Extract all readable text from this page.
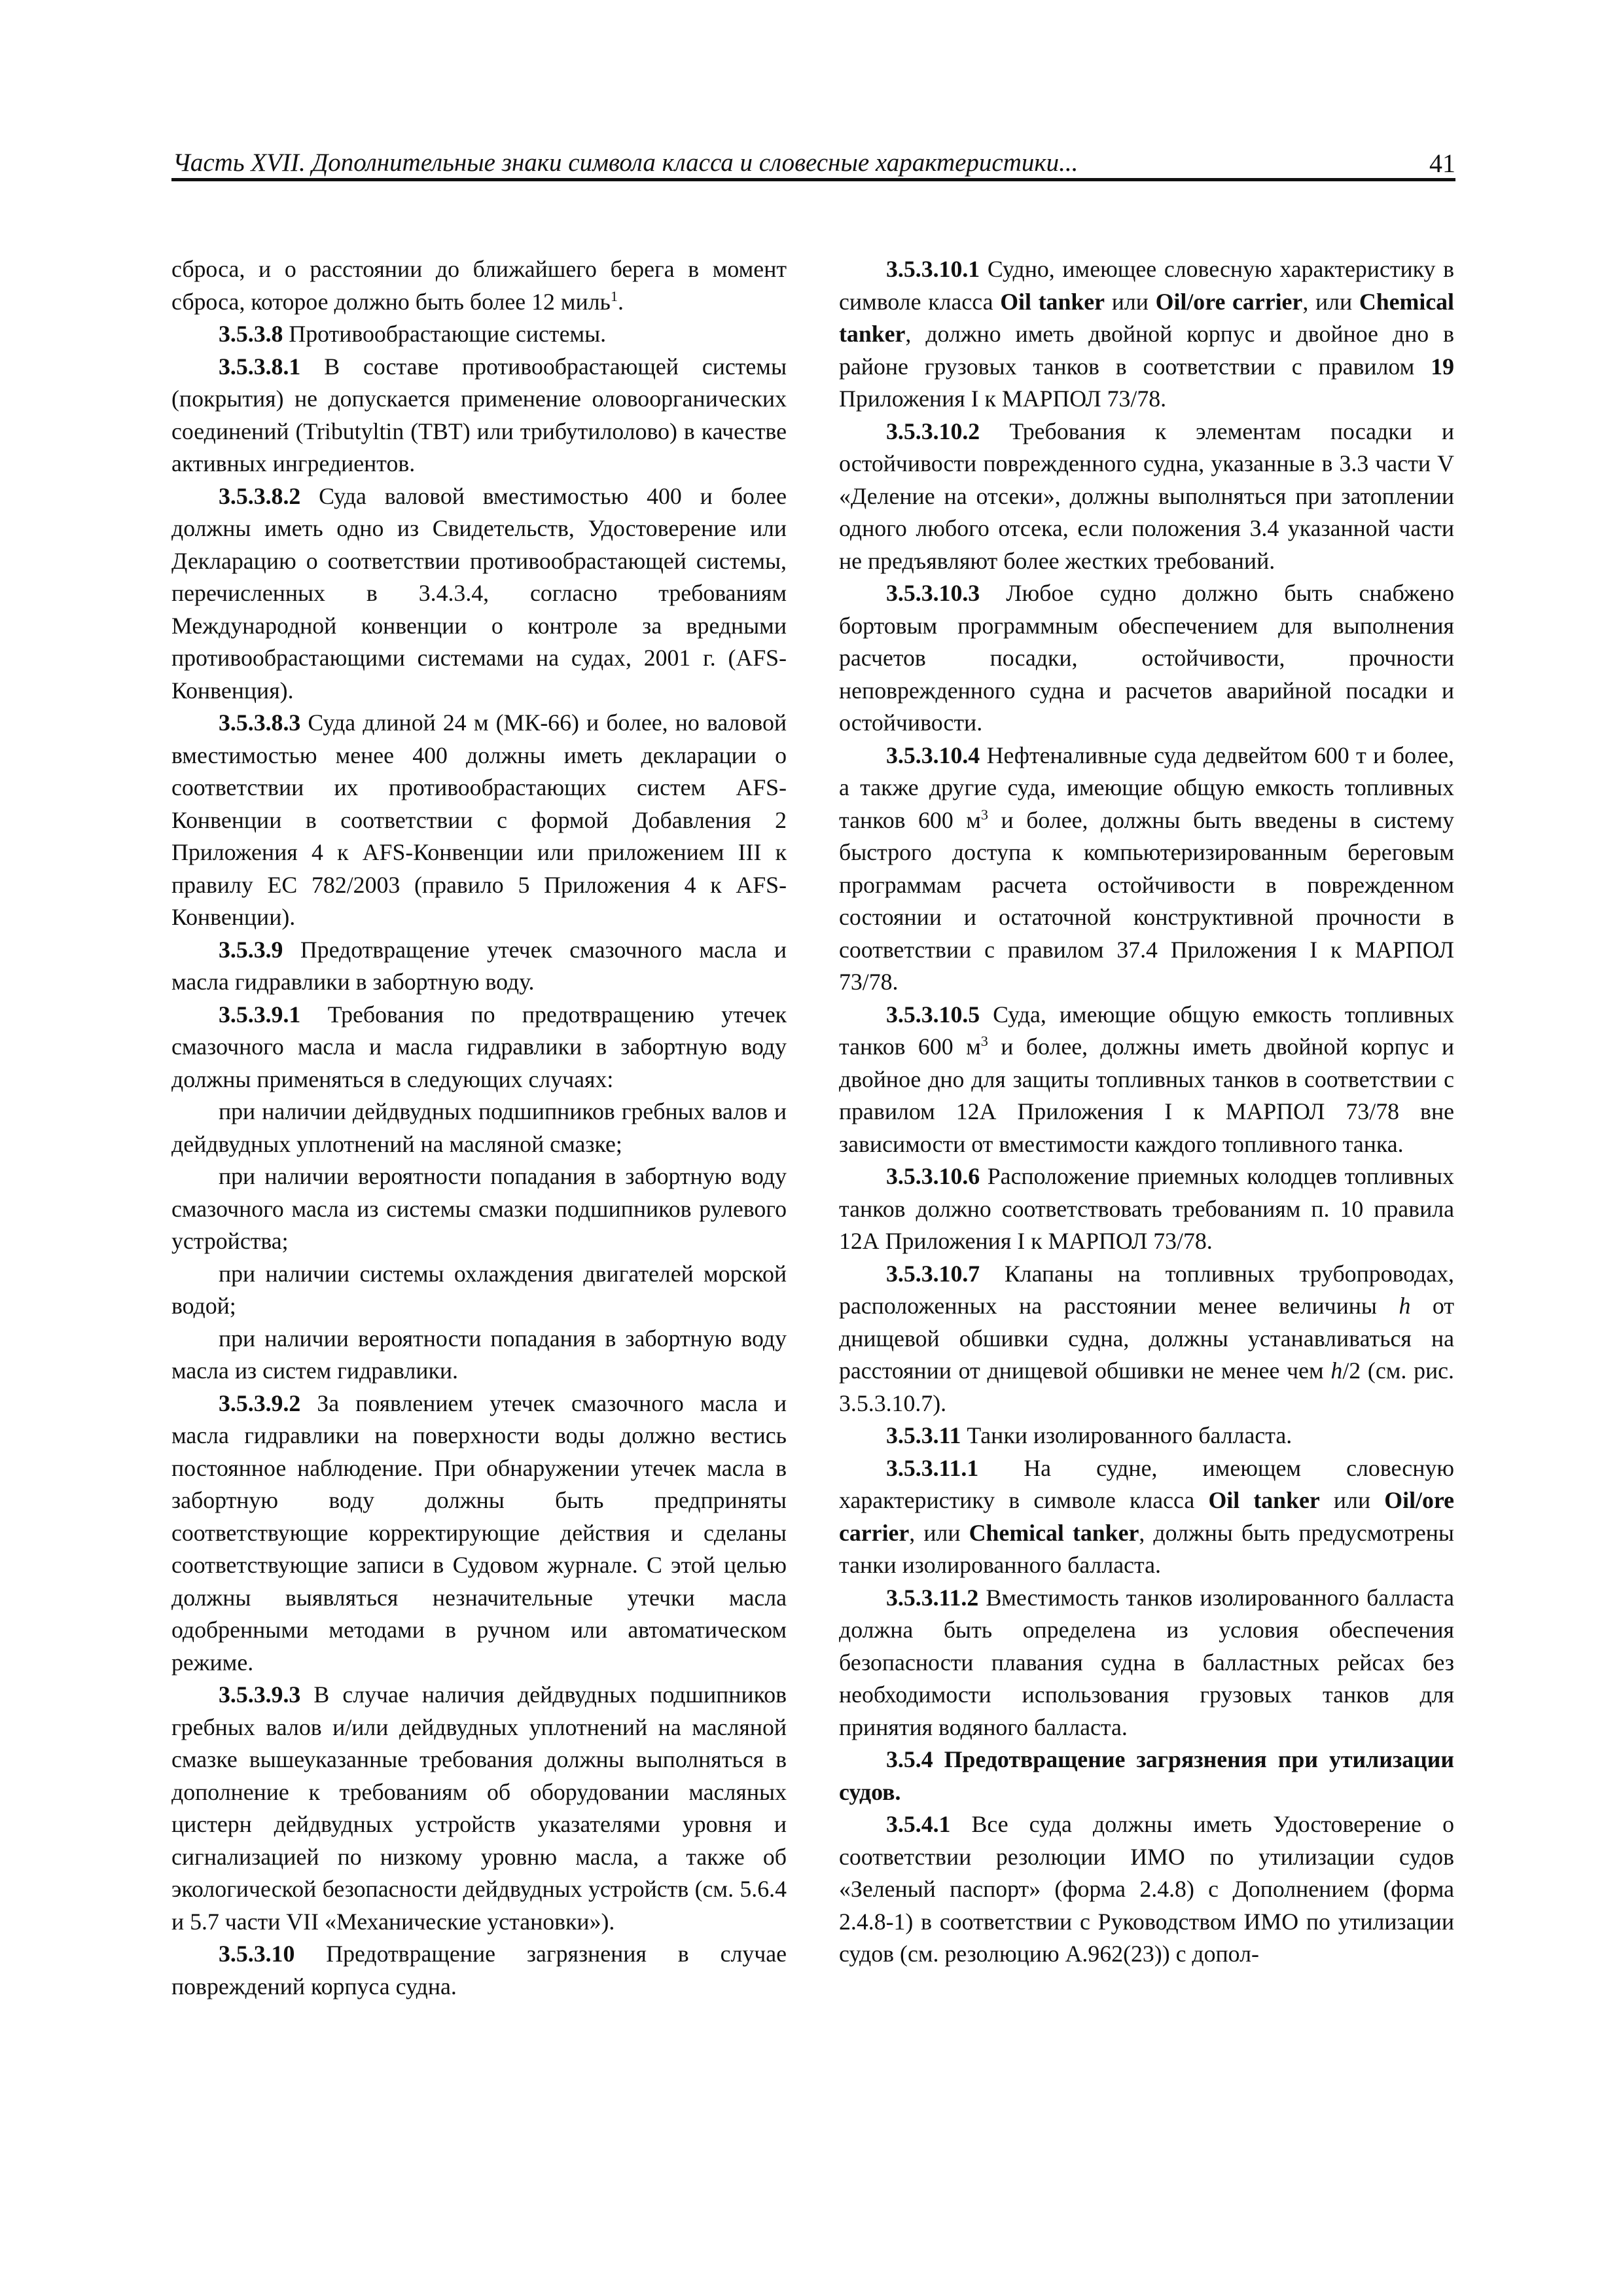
Часть XVII. Дополнительные знаки символа класса и словесные характеристики...	41

сброса, и о расстоянии до ближайшего берега в момент сброса, которое должно быть более 12 миль$^1$.

3.5.3.8 Противообрастающие системы.

3.5.3.8.1 В составе противообрастающей системы (покрытия) не допускается применение оловоорганических соединений (Tributyltin (TBT) или трибутилолово) в качестве активных ингредиентов.

3.5.3.8.2 Суда валовой вместимостью 400 и более должны иметь одно из Свидетельств, Удостоверение или Декларацию о соответствии противообрастающей системы, перечисленных в 3.4.3.4, согласно требованиям Международной конвенции о контроле за вредными противообрастающими системами на судах, 2001 г. (AFS-Конвенция).

3.5.3.8.3 Суда длиной 24 м (МК-66) и более, но валовой вместимостью менее 400 должны иметь декларации о соответствии их противообрастающих систем AFS-Конвенции в соответствии с формой Добавления 2 Приложения 4 к AFS-Конвенции или приложением III к правилу ЕС 782/2003 (правило 5 Приложения 4 к AFS-Конвенции).

3.5.3.9 Предотвращение утечек смазочного масла и масла гидравлики в забортную воду.

3.5.3.9.1 Требования по предотвращению утечек смазочного масла и масла гидравлики в забортную воду должны применяться в следующих случаях:

при наличии дейдвудных подшипников гребных валов и дейдвудных уплотнений на масляной смазке;

при наличии вероятности попадания в забортную воду смазочного масла из системы смазки подшипников рулевого устройства;

при наличии системы охлаждения двигателей морской водой;

при наличии вероятности попадания в забортную воду масла из систем гидравлики.

3.5.3.9.2 За появлением утечек смазочного масла и масла гидравлики на поверхности воды должно вестись постоянное наблюдение. При обнаружении утечек масла в забортную воду должны быть предприняты соответствующие корректирующие действия и сделаны соответствующие записи в Судовом журнале. С этой целью должны выявляться незначительные утечки масла одобренными методами в ручном или автоматическом режиме.

3.5.3.9.3 В случае наличия дейдвудных подшипников гребных валов и/или дейдвудных уплотнений на масляной смазке вышеуказанные требования должны выполняться в дополнение к требованиям об оборудовании масляных цистерн дейдвудных устройств указателями уровня и сигнализацией по низкому уровню масла, а также об экологической безопасности дейдвудных устройств (см. 5.6.4 и 5.7 части VII «Механические установки»).

3.5.3.10 Предотвращение загрязнения в случае повреждений корпуса судна.

3.5.3.10.1 Судно, имеющее словесную характеристику в символе класса Oil tanker или Oil/ore carrier, или Chemical tanker, должно иметь двойной корпус и двойное дно в районе грузовых танков в соответствии с правилом 19 Приложения I к МАРПОЛ 73/78.

3.5.3.10.2 Требования к элементам посадки и остойчивости поврежденного судна, указанные в 3.3 части V «Деление на отсеки», должны выполняться при затоплении одного любого отсека, если положения 3.4 указанной части не предъявляют более жестких требований.

3.5.3.10.3 Любое судно должно быть снабжено бортовым программным обеспечением для выполнения расчетов посадки, остойчивости, прочности неповрежденного судна и расчетов аварийной посадки и остойчивости.

3.5.3.10.4 Нефтеналивные суда дедвейтом 600 т и более, а также другие суда, имеющие общую емкость топливных танков 600 $м^3$ и более, должны быть введены в систему быстрого доступа к компьютеризированным береговым программам расчета остойчивости в поврежденном состоянии и остаточной конструктивной прочности в соответствии с правилом 37.4 Приложения I к МАРПОЛ 73/78.

3.5.3.10.5 Суда, имеющие общую емкость топливных танков 600 $м^3$ и более, должны иметь двойной корпус и двойное дно для защиты топливных танков в соответствии с правилом 12А Приложения I к МАРПОЛ 73/78 вне зависимости от вместимости каждого топливного танка.

3.5.3.10.6 Расположение приемных колодцев топливных танков должно соответствовать требованиям п. 10 правила 12А Приложения I к МАРПОЛ 73/78.

3.5.3.10.7 Клапаны на топливных трубопроводах, расположенных на расстоянии менее величины h от днищевой обшивки судна, должны устанавливаться на расстоянии от днищевой обшивки не менее чем h/2 (см. рис. 3.5.3.10.7).

3.5.3.11 Танки изолированного балласта.

3.5.3.11.1 На судне, имеющем словесную характеристику в символе класса Oil tanker или Oil/ore carrier, или Chemical tanker, должны быть предусмотрены танки изолированного балласта.

3.5.3.11.2 Вместимость танков изолированного балласта должна быть определена из условия обеспечения безопасности плавания судна в балластных рейсах без необходимости использования грузовых танков для принятия водяного балласта.

3.5.4 Предотвращение загрязнения при утилизации судов.

3.5.4.1 Все суда должны иметь Удостоверение о соответствии резолюции ИМО по утилизации судов «Зеленый паспорт» (форма 2.4.8) с Дополнением (форма 2.4.8-1) в соответствии с Руководством ИМО по утилизации судов (см. резолюцию А.962(23)) с допол-
